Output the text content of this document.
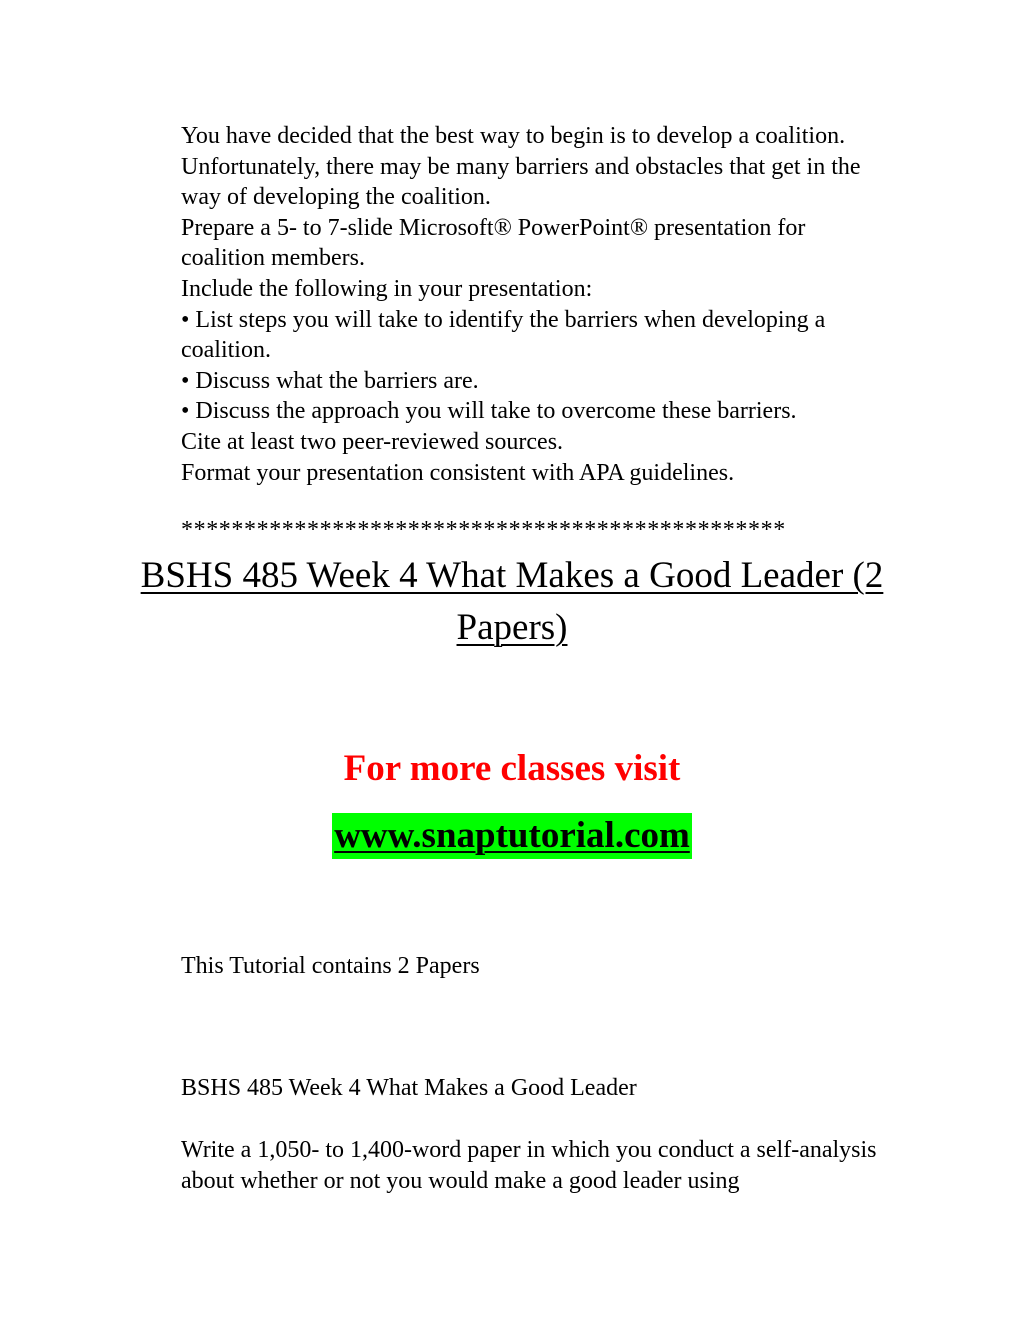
You have decided that the best way to begin is to develop a coalition. Unfortunately, there may be many barriers and obstacles that get in the way of developing the coalition.

Prepare a 5- to 7-slide Microsoft® PowerPoint® presentation for coalition members.

Include the following in your presentation:

• List steps you will take to identify the barriers when developing a coalition.

• Discuss what the barriers are.

• Discuss the approach you will take to overcome these barriers.

Cite at least two peer-reviewed sources.

Format your presentation consistent with APA guidelines.

************************************************
BSHS 485 Week 4 What Makes a Good Leader (2 Papers)

For more classes visit

www.snaptutorial.com

This Tutorial contains 2 Papers

BSHS 485 Week 4 What Makes a Good Leader

Write a 1,050- to 1,400-word paper in which you conduct a self-analysis about whether or not you would make a good leader using
